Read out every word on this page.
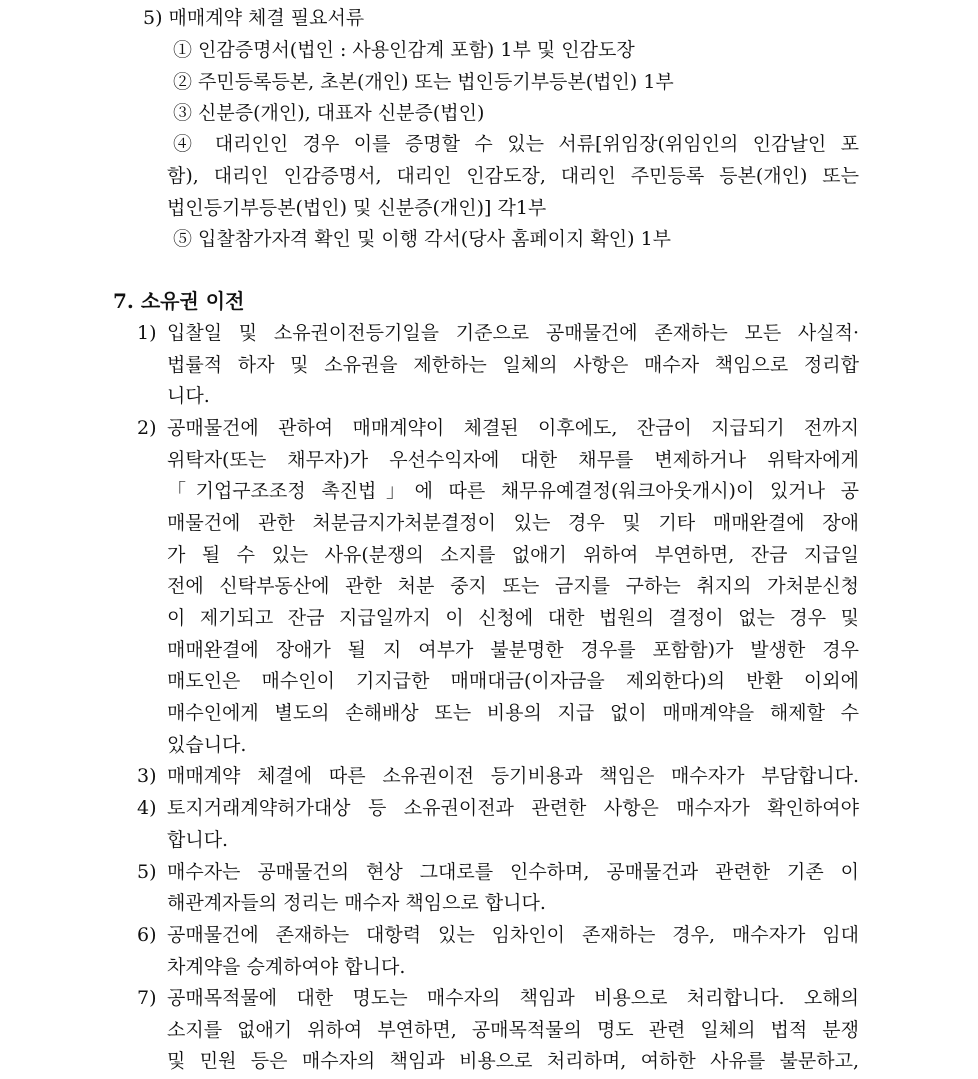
5) 매매계약 체결 필요서류
① 인감증명서(법인 : 사용인감계 포함) 1부 및 인감도장
② 주민등록등본, 초본(개인) 또는 법인등기부등본(법인) 1부
③ 신분증(개인), 대표자 신분증(법인)
④ 대리인인 경우 이를 증명할 수 있는 서류[위임장(위임인의 인감날인 포
함), 대리인 인감증명서, 대리인 인감도장, 대리인 주민등록 등본(개인) 또는
법인등기부등본(법인) 및 신분증(개인)] 각1부
⑤ 입찰참가자격 확인 및 이행 각서(당사 홈페이지 확인) 1부
7. 소유권 이전
1) 입찰일 및 소유권이전등기일을 기준으로 공매물건에 존재하는 모든 사실적·
법률적 하자 및 소유권을 제한하는 일체의 사항은 매수자 책임으로 정리합
니다.
2) 공매물건에 관하여 매매계약이 체결된 이후에도, 잔금이 지급되기 전까지
위탁자(또는 채무자)가 우선수익자에 대한 채무를 변제하거나 위탁자에게
「기업구조조정 촉진법」에 따른 채무유예결정(워크아웃개시)이 있거나 공
매물건에 관한 처분금지가처분결정이 있는 경우 및 기타 매매완결에 장애
가 될 수 있는 사유(분쟁의 소지를 없애기 위하여 부연하면, 잔금 지급일
전에 신탁부동산에 관한 처분 중지 또는 금지를 구하는 취지의 가처분신청
이 제기되고 잔금 지급일까지 이 신청에 대한 법원의 결정이 없는 경우 및
매매완결에 장애가 될 지 여부가 불분명한 경우를 포함함)가 발생한 경우
매도인은 매수인이 기지급한 매매대금(이자금을 제외한다)의 반환 이외에
매수인에게 별도의 손해배상 또는 비용의 지급 없이 매매계약을 해제할 수
있습니다.
3) 매매계약 체결에 따른 소유권이전 등기비용과 책임은 매수자가 부담합니다.
4) 토지거래계약허가대상 등 소유권이전과 관련한 사항은 매수자가 확인하여야
합니다.
5) 매수자는 공매물건의 현상 그대로를 인수하며, 공매물건과 관련한 기존 이
해관계자들의 정리는 매수자 책임으로 합니다.
6) 공매물건에 존재하는 대항력 있는 임차인이 존재하는 경우, 매수자가 임대
차계약을 승계하여야 합니다.
7) 공매목적물에 대한 명도는 매수자의 책임과 비용으로 처리합니다. 오해의
소지를 없애기 위하여 부연하면, 공매목적물의 명도 관련 일체의 법적 분쟁
및 민원 등은 매수자의 책임과 비용으로 처리하며, 여하한 사유를 불문하고,
